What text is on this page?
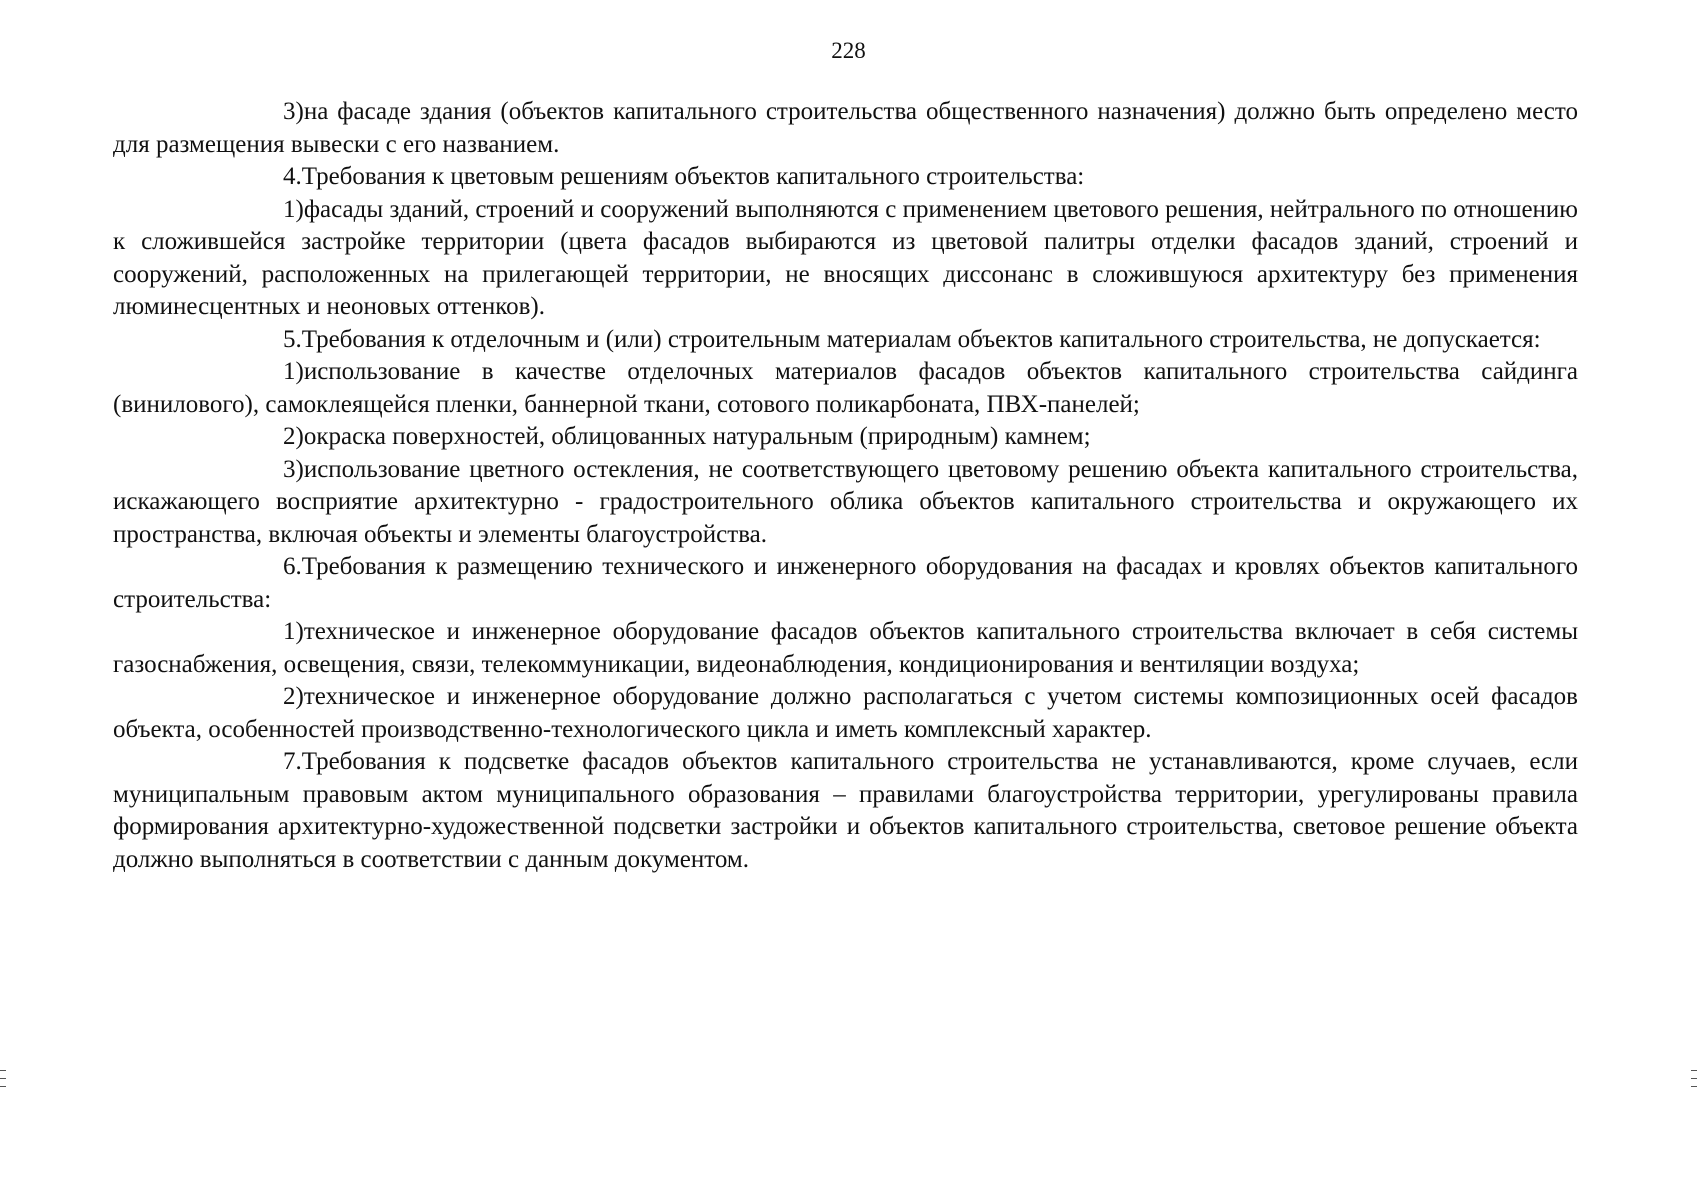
228

3)на фасаде здания (объектов капитального строительства общественного назначения) должно быть определено место для размещения вывески с его названием.

4.Требования к цветовым решениям объектов капитального строительства:

1)фасады зданий, строений и сооружений выполняются с применением цветового решения, нейтрального по отношению к сложившейся застройке территории (цвета фасадов выбираются из цветовой палитры отделки фасадов зданий, строений и сооружений, расположенных на прилегающей территории, не вносящих диссонанс в сложившуюся архитектуру без применения люминесцентных и неоновых оттенков).

5.Требования к отделочным и (или) строительным материалам объектов капитального строительства, не допускается:

1)использование в качестве отделочных материалов фасадов объектов капитального строительства сайдинга (винилового), самоклеящейся пленки, баннерной ткани, сотового поликарбоната, ПВХ-панелей;

2)окраска поверхностей, облицованных натуральным (природным) камнем;

3)использование цветного остекления, не соответствующего цветовому решению объекта капитального строительства, искажающего восприятие архитектурно - градостроительного облика объектов капитального строительства и окружающего их пространства, включая объекты и элементы благоустройства.

6.Требования к размещению технического и инженерного оборудования на фасадах и кровлях объектов капитального строительства:

1)техническое и инженерное оборудование фасадов объектов капитального строительства включает в себя системы газоснабжения, освещения, связи, телекоммуникации, видеонаблюдения, кондиционирования и вентиляции воздуха;

2)техническое и инженерное оборудование должно располагаться с учетом системы композиционных осей фасадов объекта, особенностей производственно-технологического цикла и иметь комплексный характер.

7.Требования к подсветке фасадов объектов капитального строительства не устанавливаются, кроме случаев, если муниципальным правовым актом муниципального образования – правилами благоустройства территории, урегулированы правила формирования архитектурно-художественной подсветки застройки и объектов капитального строительства, световое решение объекта должно выполняться в соответствии с данным документом.
